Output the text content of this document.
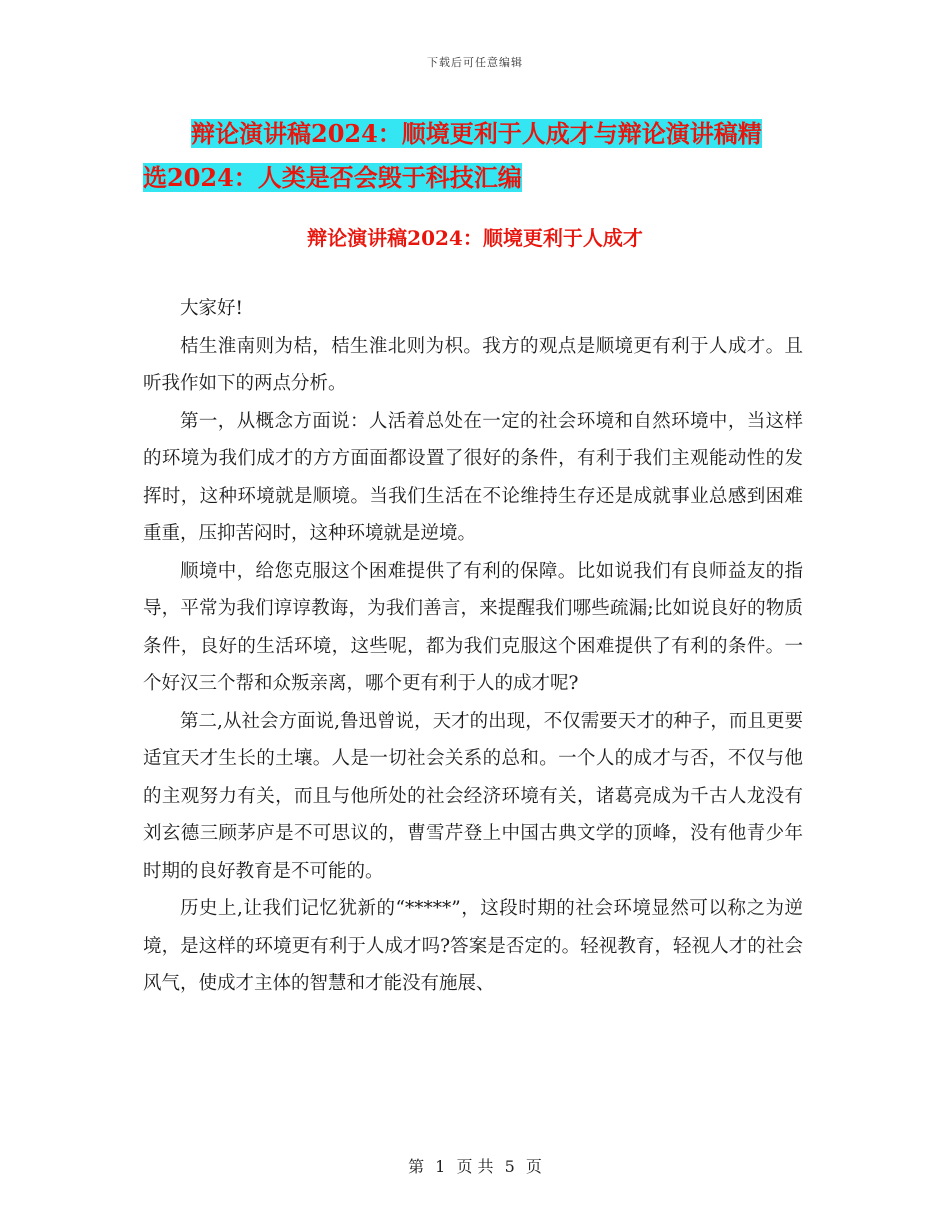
下载后可任意编辑
辩论演讲稿2024：顺境更利于人成才与辩论演讲稿精
选2024：人类是否会毁于科技汇编
辩论演讲稿2024：顺境更利于人成才

大家好!

桔生淮南则为桔，桔生淮北则为枳。我方的观点是顺境更有利于人成才。且听我作如下的两点分析。

第一，从概念方面说：人活着总处在一定的社会环境和自然环境中，当这样的环境为我们成才的方方面面都设置了很好的条件，有利于我们主观能动性的发挥时，这种环境就是顺境。当我们生活在不论维持生存还是成就事业总感到困难重重，压抑苦闷时，这种环境就是逆境。

顺境中，给您克服这个困难提供了有利的保障。比如说我们有良师益友的指导，平常为我们谆谆教诲，为我们善言，来提醒我们哪些疏漏;比如说良好的物质条件，良好的生活环境，这些呢，都为我们克服这个困难提供了有利的条件。一个好汉三个帮和众叛亲离，哪个更有利于人的成才呢?

第二,从社会方面说,鲁迅曾说，天才的出现，不仅需要天才的种子，而且更要适宜天才生长的土壤。人是一切社会关系的总和。一个人的成才与否，不仅与他的主观努力有关，而且与他所处的社会经济环境有关，诸葛亮成为千古人龙没有刘玄德三顾茅庐是不可思议的，曹雪芹登上中国古典文学的顶峰，没有他青少年时期的良好教育是不可能的。

历史上,让我们记忆犹新的“*****”，这段时期的社会环境显然可以称之为逆境，是这样的环境更有利于人成才吗?答案是否定的。轻视教育，轻视人才的社会风气，使成才主体的智慧和才能没有施展、

第 1 页 共 5 页
